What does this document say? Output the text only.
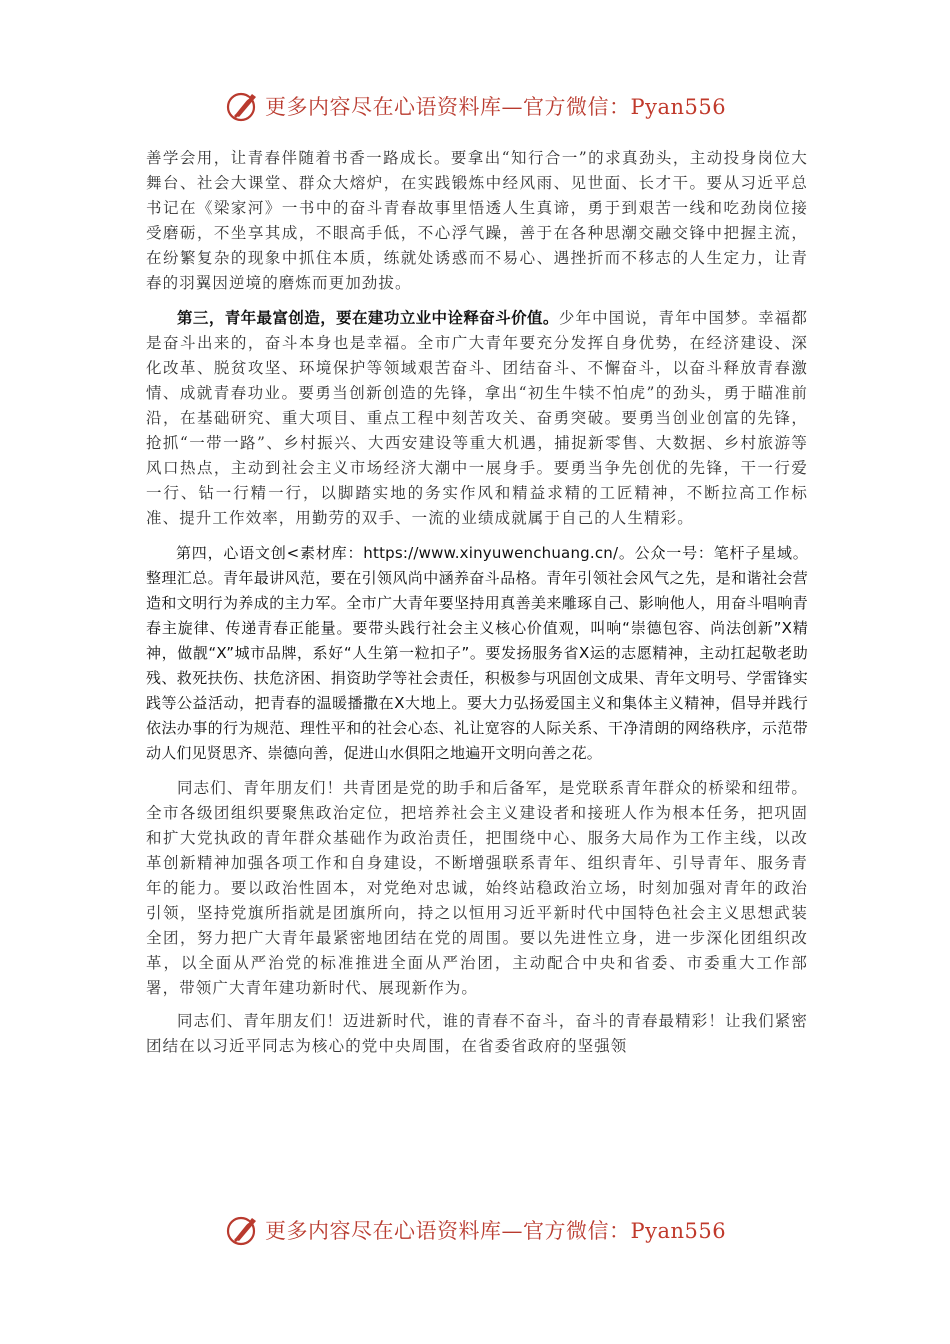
更多内容尽在心语资料库—官方微信：Pyan556

善学会用，让青春伴随着书香一路成长。要拿出“知行合一”的求真劲头，主动投身岗位大舞台、社会大课堂、群众大熔炉，在实践锻炼中经风雨、见世面、长才干。要从习近平总书记在《梁家河》一书中的奋斗青春故事里悟透人生真谛，勇于到艰苦一线和吃劲岗位接受磨砺，不坐享其成，不眼高手低，不心浮气躁，善于在各种思潮交融交锋中把握主流，在纷繁复杂的现象中抓住本质，练就处诱惑而不易心、遇挫折而不移志的人生定力，让青春的羽翼因逆境的磨炼而更加劲拔。

第三，青年最富创造，要在建功立业中诠释奋斗价值。少年中国说，青年中国梦。幸福都是奋斗出来的，奋斗本身也是幸福。全市广大青年要充分发挥自身优势，在经济建设、深化改革、脱贫攻坚、环境保护等领域艰苦奋斗、团结奋斗、不懈奋斗，以奋斗释放青春激情、成就青春功业。要勇当创新创造的先锋，拿出“初生牛犊不怕虎”的劲头，勇于瞄准前沿，在基础研究、重大项目、重点工程中刻苦攻关、奋勇突破。要勇当创业创富的先锋，抢抓“一带一路”、乡村振兴、大西安建设等重大机遇，捕捉新零售、大数据、乡村旅游等风口热点，主动到社会主义市场经济大潮中一展身手。要勇当争先创优的先锋，干一行爱一行、钻一行精一行，以脚踏实地的务实作风和精益求精的工匠精神，不断拉高工作标准、提升工作效率，用勤劳的双手、一流的业绩成就属于自己的人生精彩。

第四，心语文创<素材库：https://www.xinyuwenchuang.cn/。公众一号：笔杆子星域。整理汇总。青年最讲风范，要在引领风尚中涵养奋斗品格。青年引领社会风气之先，是和谐社会营造和文明行为养成的主力军。全市广大青年要坚持用真善美来雕琢自己、影响他人，用奋斗唱响青春主旋律、传递青春正能量。要带头践行社会主义核心价值观，叫响“崇德包容、尚法创新”X精神，做靓“X”城市品牌，系好“人生第一粒扣子”。要发扬服务省X运的志愿精神，主动扛起敬老助残、救死扶伤、扶危济困、捐资助学等社会责任，积极参与巩固创文成果、青年文明号、学雷锋实践等公益活动，把青春的温暖播撒在X大地上。要大力弘扬爱国主义和集体主义精神，倡导并践行依法办事的行为规范、理性平和的社会心态、礼让宽容的人际关系、干净清朗的网络秩序，示范带动人们见贤思齐、崇德向善，促进山水俱阳之地遍开文明向善之花。

同志们、青年朋友们！共青团是党的助手和后备军，是党联系青年群众的桥梁和纽带。全市各级团组织要聚焦政治定位，把培养社会主义建设者和接班人作为根本任务，把巩固和扩大党执政的青年群众基础作为政治责任，把围绕中心、服务大局作为工作主线，以改革创新精神加强各项工作和自身建设，不断增强联系青年、组织青年、引导青年、服务青年的能力。要以政治性固本，对党绝对忠诚，始终站稳政治立场，时刻加强对青年的政治引领，坚持党旗所指就是团旗所向，持之以恒用习近平新时代中国特色社会主义思想武装全团，努力把广大青年最紧密地团结在党的周围。要以先进性立身，进一步深化团组织改革，以全面从严治党的标准推进全面从严治团，主动配合中央和省委、市委重大工作部署，带领广大青年建功新时代、展现新作为。

同志们、青年朋友们！迈进新时代，谁的青春不奋斗，奋斗的青春最精彩！让我们紧密团结在以习近平同志为核心的党中央周围，在省委省政府的坚强领

更多内容尽在心语资料库—官方微信：Pyan556
